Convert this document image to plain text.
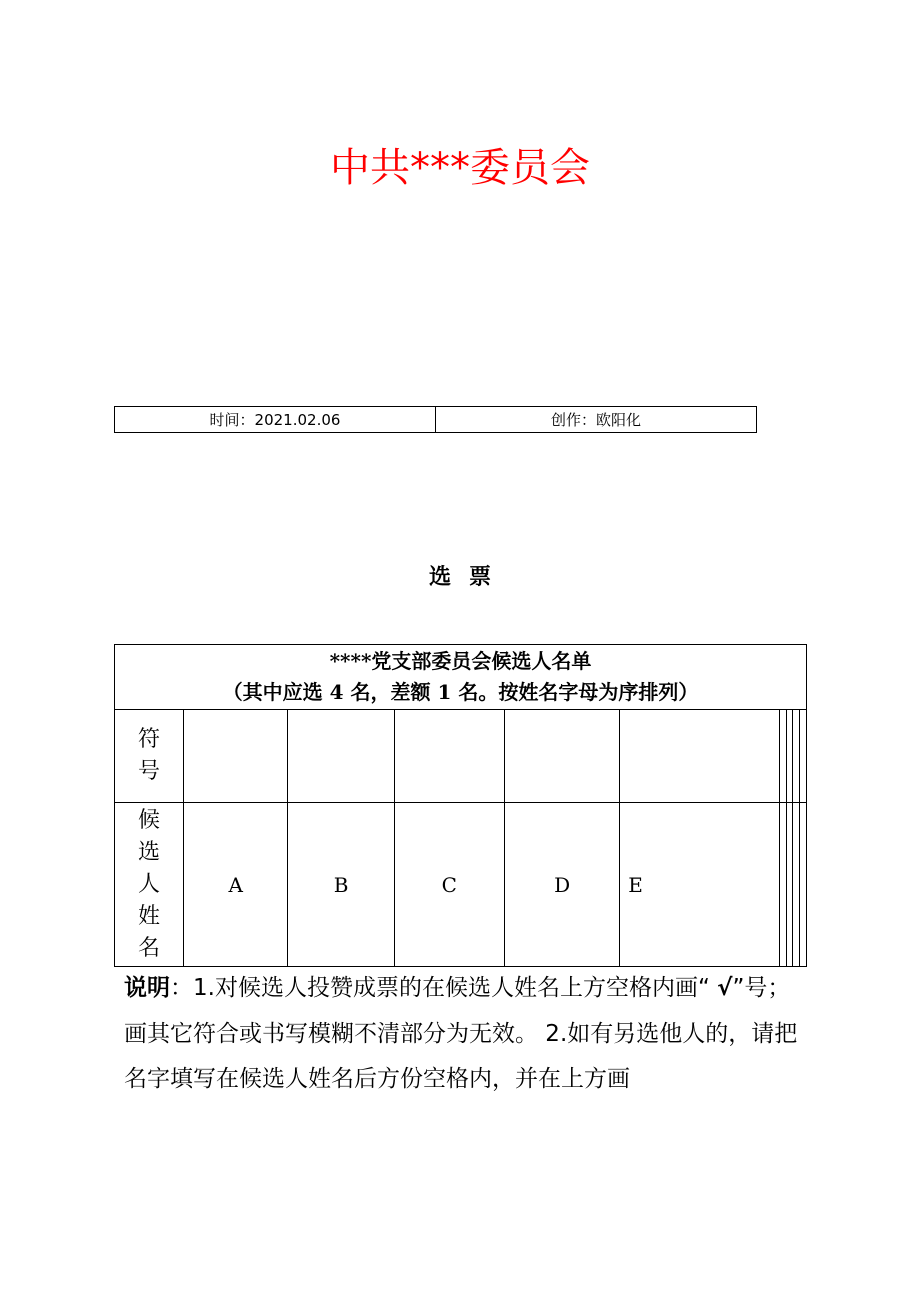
中共***委员会
时间：2021.02.06	创作：欧阳化
选票
****党支部委员会候选人名单
（其中应选 4 名，差额 1 名。按姓名字母为序排列）									

符号									

候选人姓名	A	B	C	D	E				
说明：1.对候选人投赞成票的在候选人姓名上方空格内画“ √”号；画其它符合或书写模糊不清部分为无效。 2.如有另选他人的，请把名字填写在候选人姓名后方份空格内，并在上方画
